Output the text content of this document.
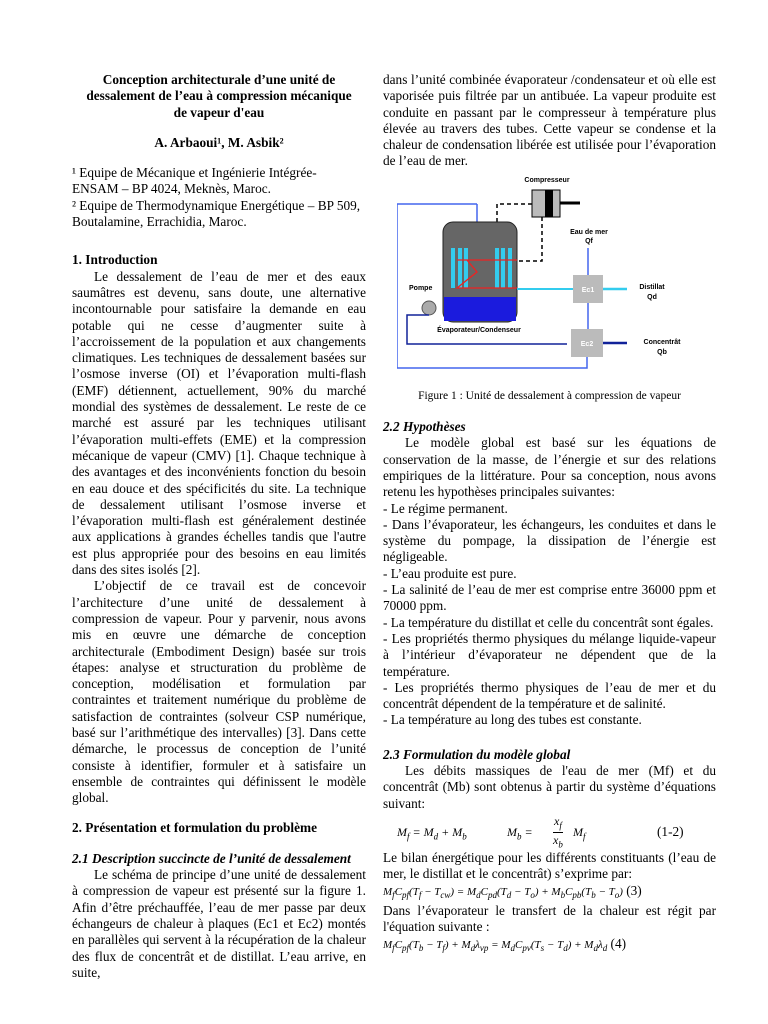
Conception architecturale d’une unité de
dessalement de l’eau à compression mécanique
de vapeur d'eau
A. Arbaoui¹, M. Asbik²

¹ Equipe de Mécanique et Ingénierie Intégrée- ENSAM – BP 4024, Meknès, Maroc.

² Equipe de Thermodynamique Energétique – BP 509, Boutalamine, Errachidia, Maroc.

1. Introduction

Le dessalement de l’eau de mer et des eaux saumâtres est devenu, sans doute, une alternative incontournable pour satisfaire la demande en eau potable qui ne cesse d’augmenter suite à l’accroissement de la population et aux changements climatiques. Les techniques de dessalement basées sur l’osmose inverse (OI) et l’évaporation multi-flash (EMF) détiennent, actuellement, 90% du marché mondial des systèmes de dessalement. Le reste de ce marché est assuré par les techniques utilisant l’évaporation multi-effets (EME) et la compression mécanique de vapeur (CMV) [1]. Chaque technique à des avantages et des inconvénients fonction du besoin en eau douce et des spécificités du site. La technique de dessalement utilisant l’osmose inverse et l’évaporation multi-flash est généralement destinée aux applications à grandes échelles tandis que l'autre est plus appropriée pour des besoins en eau limités dans des sites isolés [2].

L’objectif de ce travail est de concevoir l’architecture d’une unité de dessalement à compression de vapeur. Pour y parvenir, nous avons mis en œuvre une démarche de conception architecturale (Embodiment Design) basée sur trois étapes: analyse et structuration du problème de conception, modélisation et formulation par contraintes et traitement numérique du problème de satisfaction de contraintes (solveur CSP numérique, basé sur l’arithmétique des intervalles) [3]. Dans cette démarche, le processus de conception de l’unité consiste à identifier, formuler et à satisfaire un ensemble de contraintes qui définissent le modèle global.

2. Présentation et formulation du problème
2.1 Description succincte de l’unité de dessalement

Le schéma de principe d’une unité de dessalement à compression de vapeur est présenté sur la figure 1. Afin d’être préchauffée, l’eau de mer passe par deux échangeurs de chaleur à plaques (Ec1 et Ec2) montés en parallèles qui servent à la récupération de la chaleur des flux de concentrât et de distillat. L’eau arrive, en suite,

dans l’unité combinée évaporateur /condensateur et où elle est vaporisée puis filtrée par un antibuée. La vapeur produite est conduite en passant par le compresseur à température plus élevée au travers des tubes. Cette vapeur se condense et la chaleur de condensation libérée est utilisée pour l’évaporation de l’eau de mer.

Compresseur
Évaporateur/Condenseur
Pompe
Eau de mer
Qf
Ec1
Ec2
Distillat
Qd
Concentrât
Qb
Figure 1 : Unité de dessalement à compression de vapeur
2.2 Hypothèses

Le modèle global est basé sur les équations de conservation de la masse, de l’énergie et sur des relations empiriques de la littérature. Pour sa conception, nous avons retenu les hypothèses principales suivantes:

- Le régime permanent.

- Dans l’évaporateur, les échangeurs, les conduites et dans le système du pompage, la dissipation de l’énergie est négligeable.

- L’eau produite est pure.

- La salinité de l’eau de mer est comprise entre 36000 ppm et 70000 ppm.

- La température du distillat et celle du concentrât sont égales.

- Les propriétés thermo physiques du mélange liquide-vapeur à l’intérieur d’évaporateur ne dépendent que de la température.

- Les propriétés thermo physiques de l’eau de mer et du concentrât dépendent de la température et de salinité.

- La température au long des tubes est constante.

2.3 Formulation du modèle global

Les débits massiques de l'eau de mer (Mf) et du concentrât (Mb) sont obtenus à partir du système d’équations suivant:

$M_f = M_d + M_b$	$M_b$ =
$x_f$
$x_b$
$M_f$	(1-2)

Le bilan énergétique pour les différents constituants (l’eau de mer, le distillat et le concentrât) s’exprime par:

$M_fC_{pf}(T_f - T_{cw}) = M_dC_{pd}(T_d - T_o) + M_bC_{pb}(T_b - T_o)$ (3)

Dans l’évaporateur le transfert de la chaleur est régit par l'équation suivante :

$M_fC_{pf}(T_b - T_f) + M_d\lambda_{vp} = M_dC_{pv}(T_s - T_d) + M_d\lambda_d$ (4)
